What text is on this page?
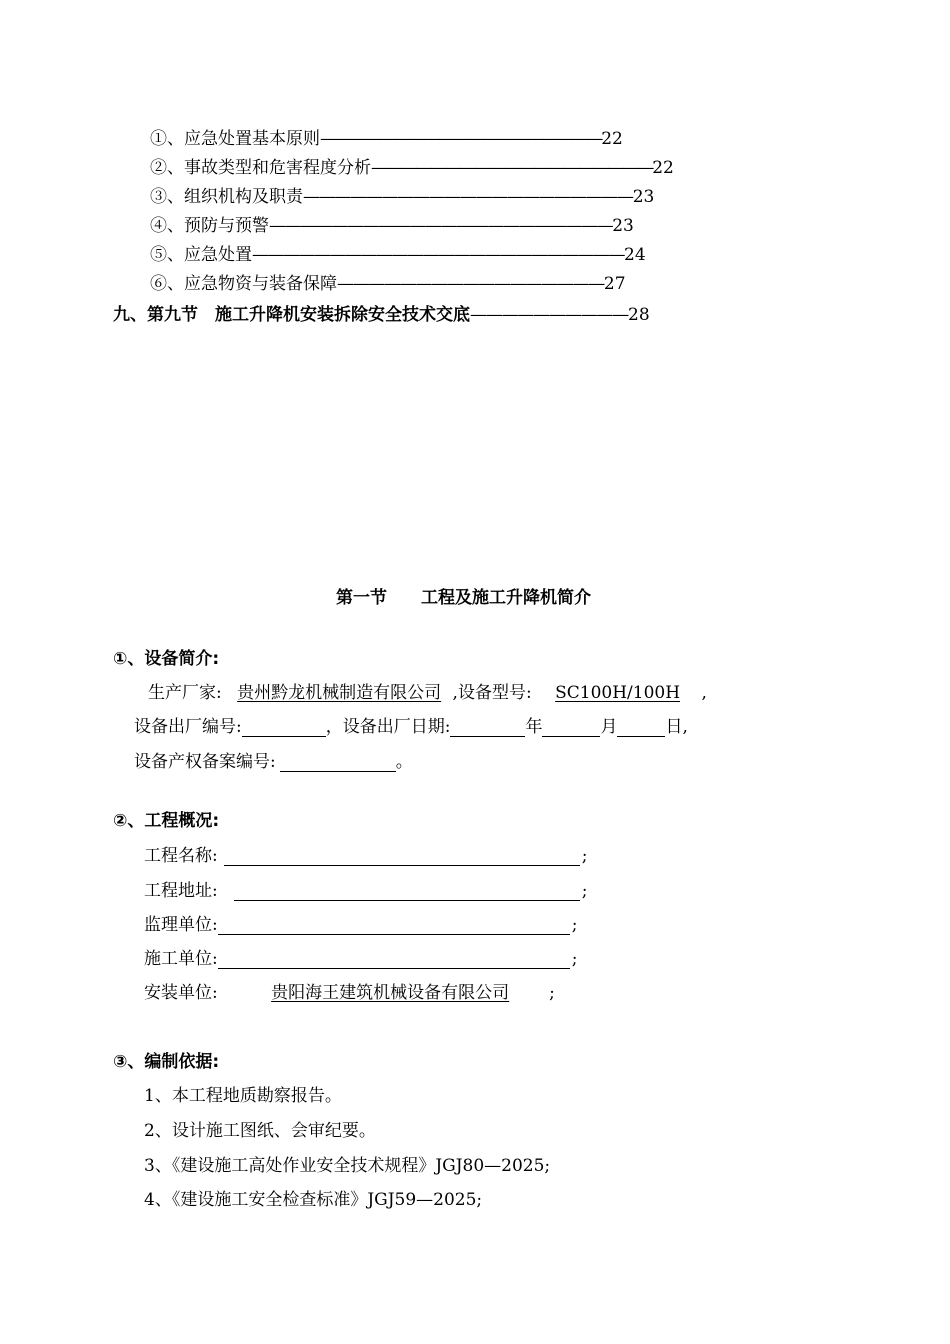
①、应急处置基本原则———————————————————22
②、事故类型和危害程度分析———————————————————22
③、组织机构及职责—————————————————————23
④、预防与预警——————————————————————23
⑤、应急处置————————————————————————24
⑥、应急物资与装备保障—————————————————27
九、第九节　施工升降机安装拆除安全技术交底——————————28
第一节　　工程及施工升降机简介
①、设备简介:
生产厂家: 贵州黔龙机械制造有限公司 ,设备型号: SC100H/100H ,
设备出厂编号:	，设备出厂日期:	年	月	日,
设备产权备案编号:	。
②、工程概况:
工程名称:	;
工程地址:	;
监理单位:	;
施工单位:	;
安装单位:	贵阳海王建筑机械设备有限公司 ;
③、编制依据:
1、本工程地质勘察报告。
2、设计施工图纸、会审纪要。
3、《建设施工高处作业安全技术规程》JGJ80—2025;
4、《建设施工安全检查标准》JGJ59—2025;
